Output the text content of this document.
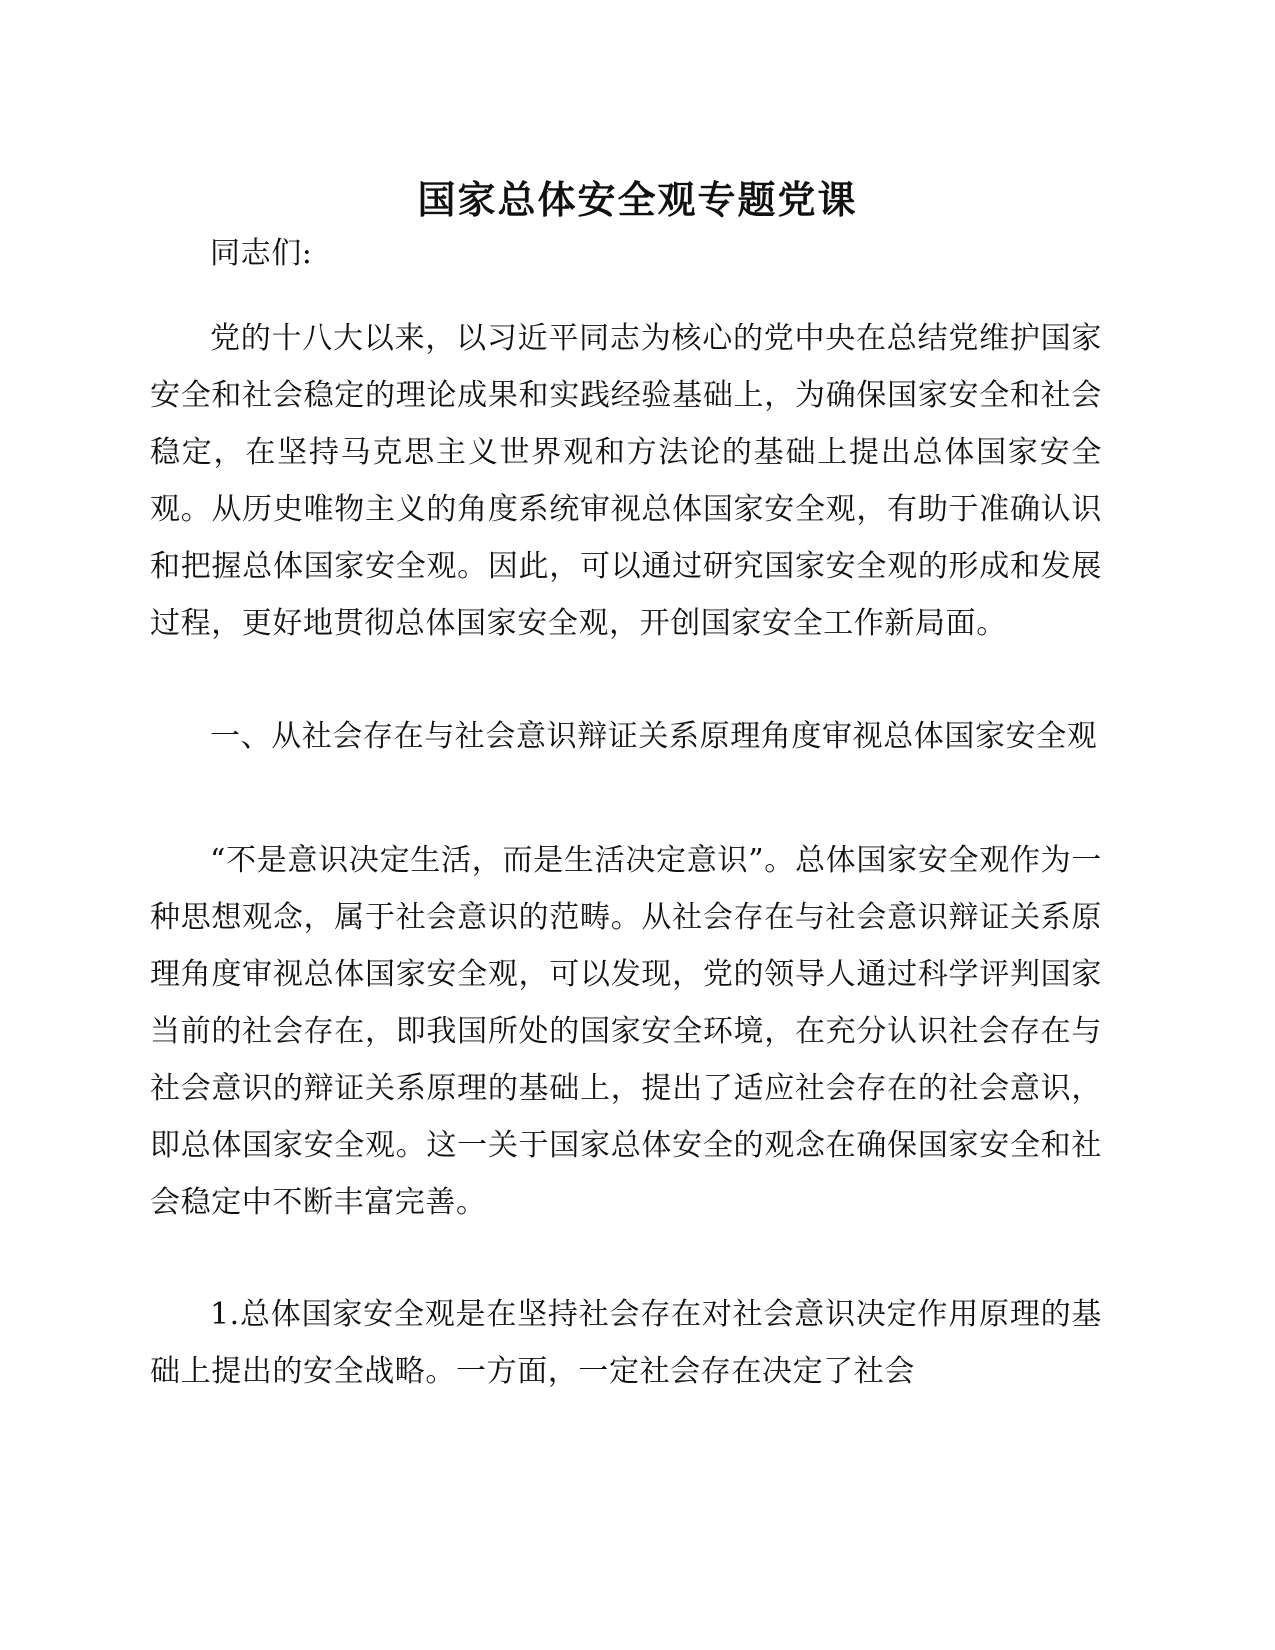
国家总体安全观专题党课

同志们:

党的十八大以来，以习近平同志为核心的党中央在总结党维护国家安全和社会稳定的理论成果和实践经验基础上，为确保国家安全和社会稳定，在坚持马克思主义世界观和方法论的基础上提出总体国家安全观。从历史唯物主义的角度系统审视总体国家安全观，有助于准确认识和把握总体国家安全观。因此，可以通过研究国家安全观的形成和发展过程，更好地贯彻总体国家安全观，开创国家安全工作新局面。

一、从社会存在与社会意识辩证关系原理角度审视总体国家安全观

“不是意识决定生活，而是生活决定意识”。总体国家安全观作为一种思想观念，属于社会意识的范畴。从社会存在与社会意识辩证关系原理角度审视总体国家安全观，可以发现，党的领导人通过科学评判国家当前的社会存在，即我国所处的国家安全环境，在充分认识社会存在与社会意识的辩证关系原理的基础上，提出了适应社会存在的社会意识，即总体国家安全观。这一关于国家总体安全的观念在确保国家安全和社会稳定中不断丰富完善。

1.总体国家安全观是在坚持社会存在对社会意识决定作用原理的基础上提出的安全战略。一方面，一定社会存在决定了社会
